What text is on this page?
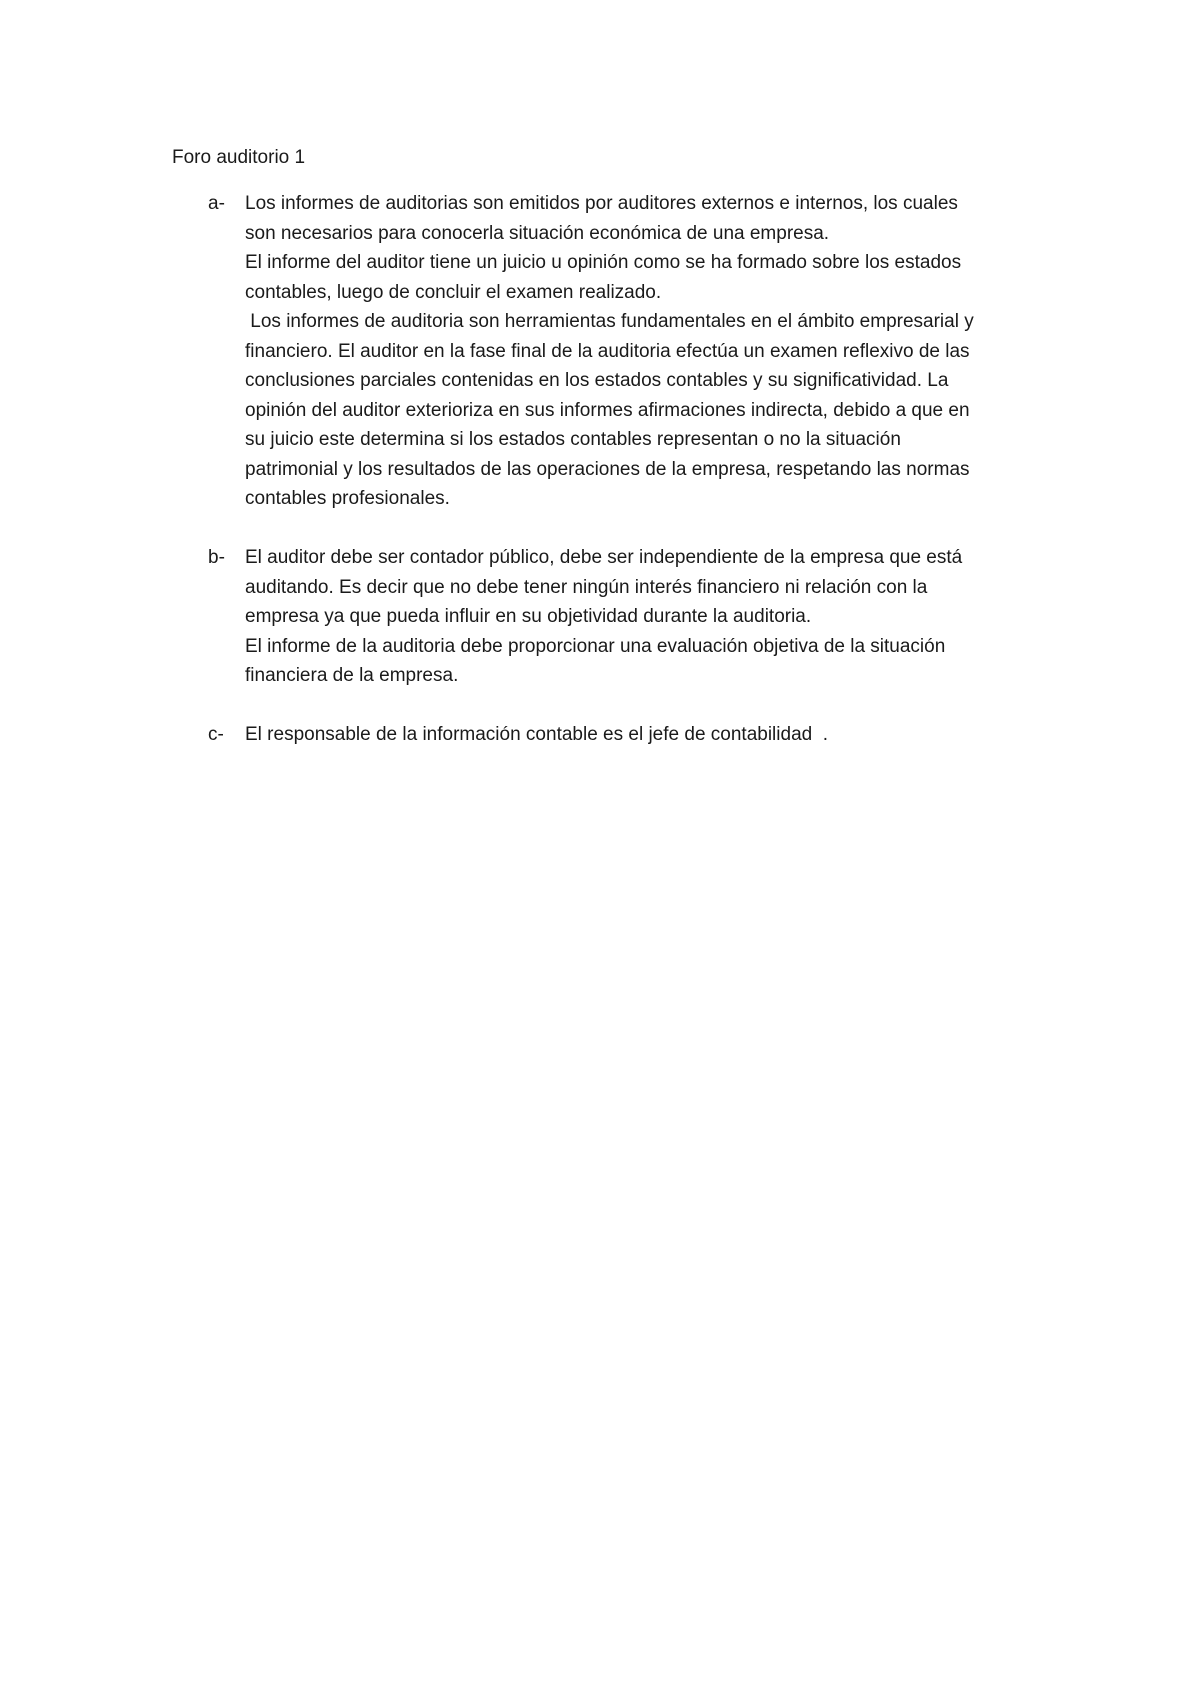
Foro auditorio 1
a- Los informes de auditorias son emitidos por auditores externos e internos, los cuales
son necesarios para conocerla situación económica de una empresa.
El informe del auditor tiene un juicio u opinión como se ha formado sobre los estados
contables, luego de concluir el examen realizado.
Los informes de auditoria son herramientas fundamentales en el ámbito empresarial y
financiero. El auditor en la fase final de la auditoria efectúa un examen reflexivo de las
conclusiones parciales contenidas en los estados contables y su significatividad. La
opinión del auditor exterioriza en sus informes afirmaciones indirecta, debido a que en
su juicio este determina si los estados contables representan o no la situación
patrimonial y los resultados de las operaciones de la empresa, respetando las normas
contables profesionales.
b- El auditor debe ser contador público, debe ser independiente de la empresa que está
auditando. Es decir que no debe tener ningún interés financiero ni relación con la
empresa ya que pueda influir en su objetividad durante la auditoria.
El informe de la auditoria debe proporcionar una evaluación objetiva de la situación
financiera de la empresa.
c- El responsable de la información contable es el jefe de contabilidad  .
